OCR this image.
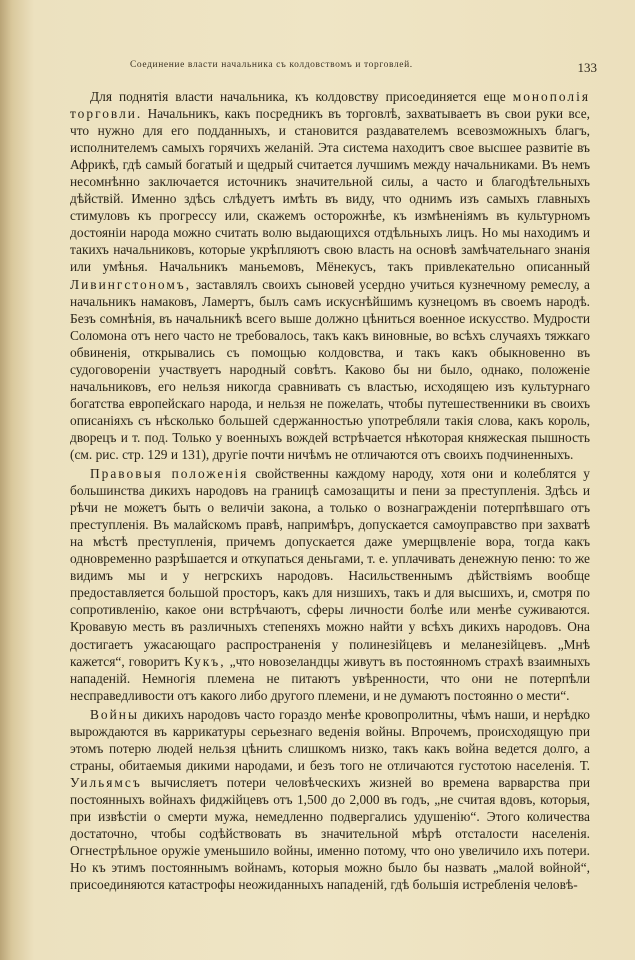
Соединение власти начальника съ колдовствомъ и торговлей.	133

Для поднятія власти начальника, къ колдовству присоединяется еще монополія торговли. Начальникъ, какъ посредникъ въ торговлѣ, захватываетъ въ свои руки все, что нужно для его подданныхъ, и становится раздавателемъ всевозможныхъ благъ, исполнителемъ самыхъ горячихъ желаній. Эта система находитъ свое высшее развитіе въ Африкѣ, гдѣ самый богатый и щедрый считается лучшимъ между начальниками. Въ немъ несомнѣнно заключается источникъ значительной силы, а часто и благодѣтельныхъ дѣйствій. Именно здѣсь слѣдуетъ имѣть въ виду, что однимъ изъ самыхъ главныхъ стимуловъ къ прогрессу или, скажемъ осторожнѣе, къ измѣненіямъ въ культурномъ достояніи народа можно считать волю выдающихся отдѣльныхъ лицъ. Но мы находимъ и такихъ начальниковъ, которые укрѣпляютъ свою власть на основѣ замѣчательнаго знанія или умѣнья. Начальникъ маньемовъ, Мёнекусъ, такъ привлекательно описанный Ливингстономъ, заставлялъ своихъ сыновей усердно учиться кузнечному ремеслу, а начальникъ намаковъ, Ламертъ, былъ самъ искуснѣйшимъ кузнецомъ въ своемъ народѣ. Безъ сомнѣнія, въ начальникѣ всего выше должно цѣниться военное искусство. Мудрости Соломона отъ него часто не требовалось, такъ какъ виновные, во всѣхъ случаяхъ тяжкаго обвиненія, открывались съ помощью колдовства, и такъ какъ обыкновенно въ судоговореніи участвуетъ народный совѣтъ. Каково бы ни было, однако, положеніе начальниковъ, его нельзя никогда сравнивать съ властью, исходящею изъ культурнаго богатства европейскаго народа, и нельзя не пожелать, чтобы путешественники въ своихъ описаніяхъ съ нѣсколько большей сдержанностью употребляли такія слова, какъ король, дворецъ и т. под. Только у военныхъ вождей встрѣчается нѣкоторая княжеская пышность (см. рис. стр. 129 и 131), другіе почти ничѣмъ не отличаются отъ своихъ подчиненныхъ.

Правовыя положенія свойственны каждому народу, хотя они и колеблятся у большинства дикихъ народовъ на границѣ самозащиты и пени за преступленія. Здѣсь и рѣчи не можетъ быть о величіи закона, а только о вознагражденіи потерпѣвшаго отъ преступленія. Въ малайскомъ правѣ, напримѣръ, допускается самоуправство при захватѣ на мѣстѣ преступленія, причемъ допускается даже умерщвленіе вора, тогда какъ одновременно разрѣшается и откупаться деньгами, т. е. уплачивать денежную пеню: то же видимъ мы и у негрскихъ народовъ. Насильственнымъ дѣйствіямъ вообще предоставляется большой просторъ, какъ для низшихъ, такъ и для высшихъ, и, смотря по сопротивленію, какое они встрѣчаютъ, сферы личности болѣе или менѣе суживаются. Кровавую месть въ различныхъ степеняхъ можно найти у всѣхъ дикихъ народовъ. Она достигаетъ ужасающаго распространенія у полинезійцевъ и меланезійцевъ. „Мнѣ кажется“, говоритъ Кукъ, „что новозеландцы живутъ въ постоянномъ страхѣ взаимныхъ нападеній. Немногія племена не питаютъ увѣренности, что они не потерпѣли несправедливости отъ какого либо другого племени, и не думаютъ постоянно о мести“.

Войны дикихъ народовъ часто гораздо менѣе кровопролитны, чѣмъ наши, и нерѣдко вырождаются въ каррикатуры серьезнаго веденія войны. Впрочемъ, происходящую при этомъ потерю людей нельзя цѣнить слишкомъ низко, такъ какъ война ведется долго, а страны, обитаемыя дикими народами, и безъ того не отличаются густотою населенія. Т. Уильямсъ вычисляетъ потери человѣческихъ жизней во времена варварства при постоянныхъ войнахъ фиджійцевъ отъ 1,500 до 2,000 въ годъ, „не считая вдовъ, которыя, при извѣстіи о смерти мужа, немедленно подвергались удушенію“. Этого количества достаточно, чтобы содѣйствовать въ значительной мѣрѣ отсталости населенія. Огнестрѣльное оружіе уменьшило войны, именно потому, что оно увеличило ихъ потери. Но къ этимъ постояннымъ войнамъ, которыя можно было бы назвать „малой войной“, присоединяются катастрофы неожиданныхъ нападеній, гдѣ большія истребленія человѣ-
